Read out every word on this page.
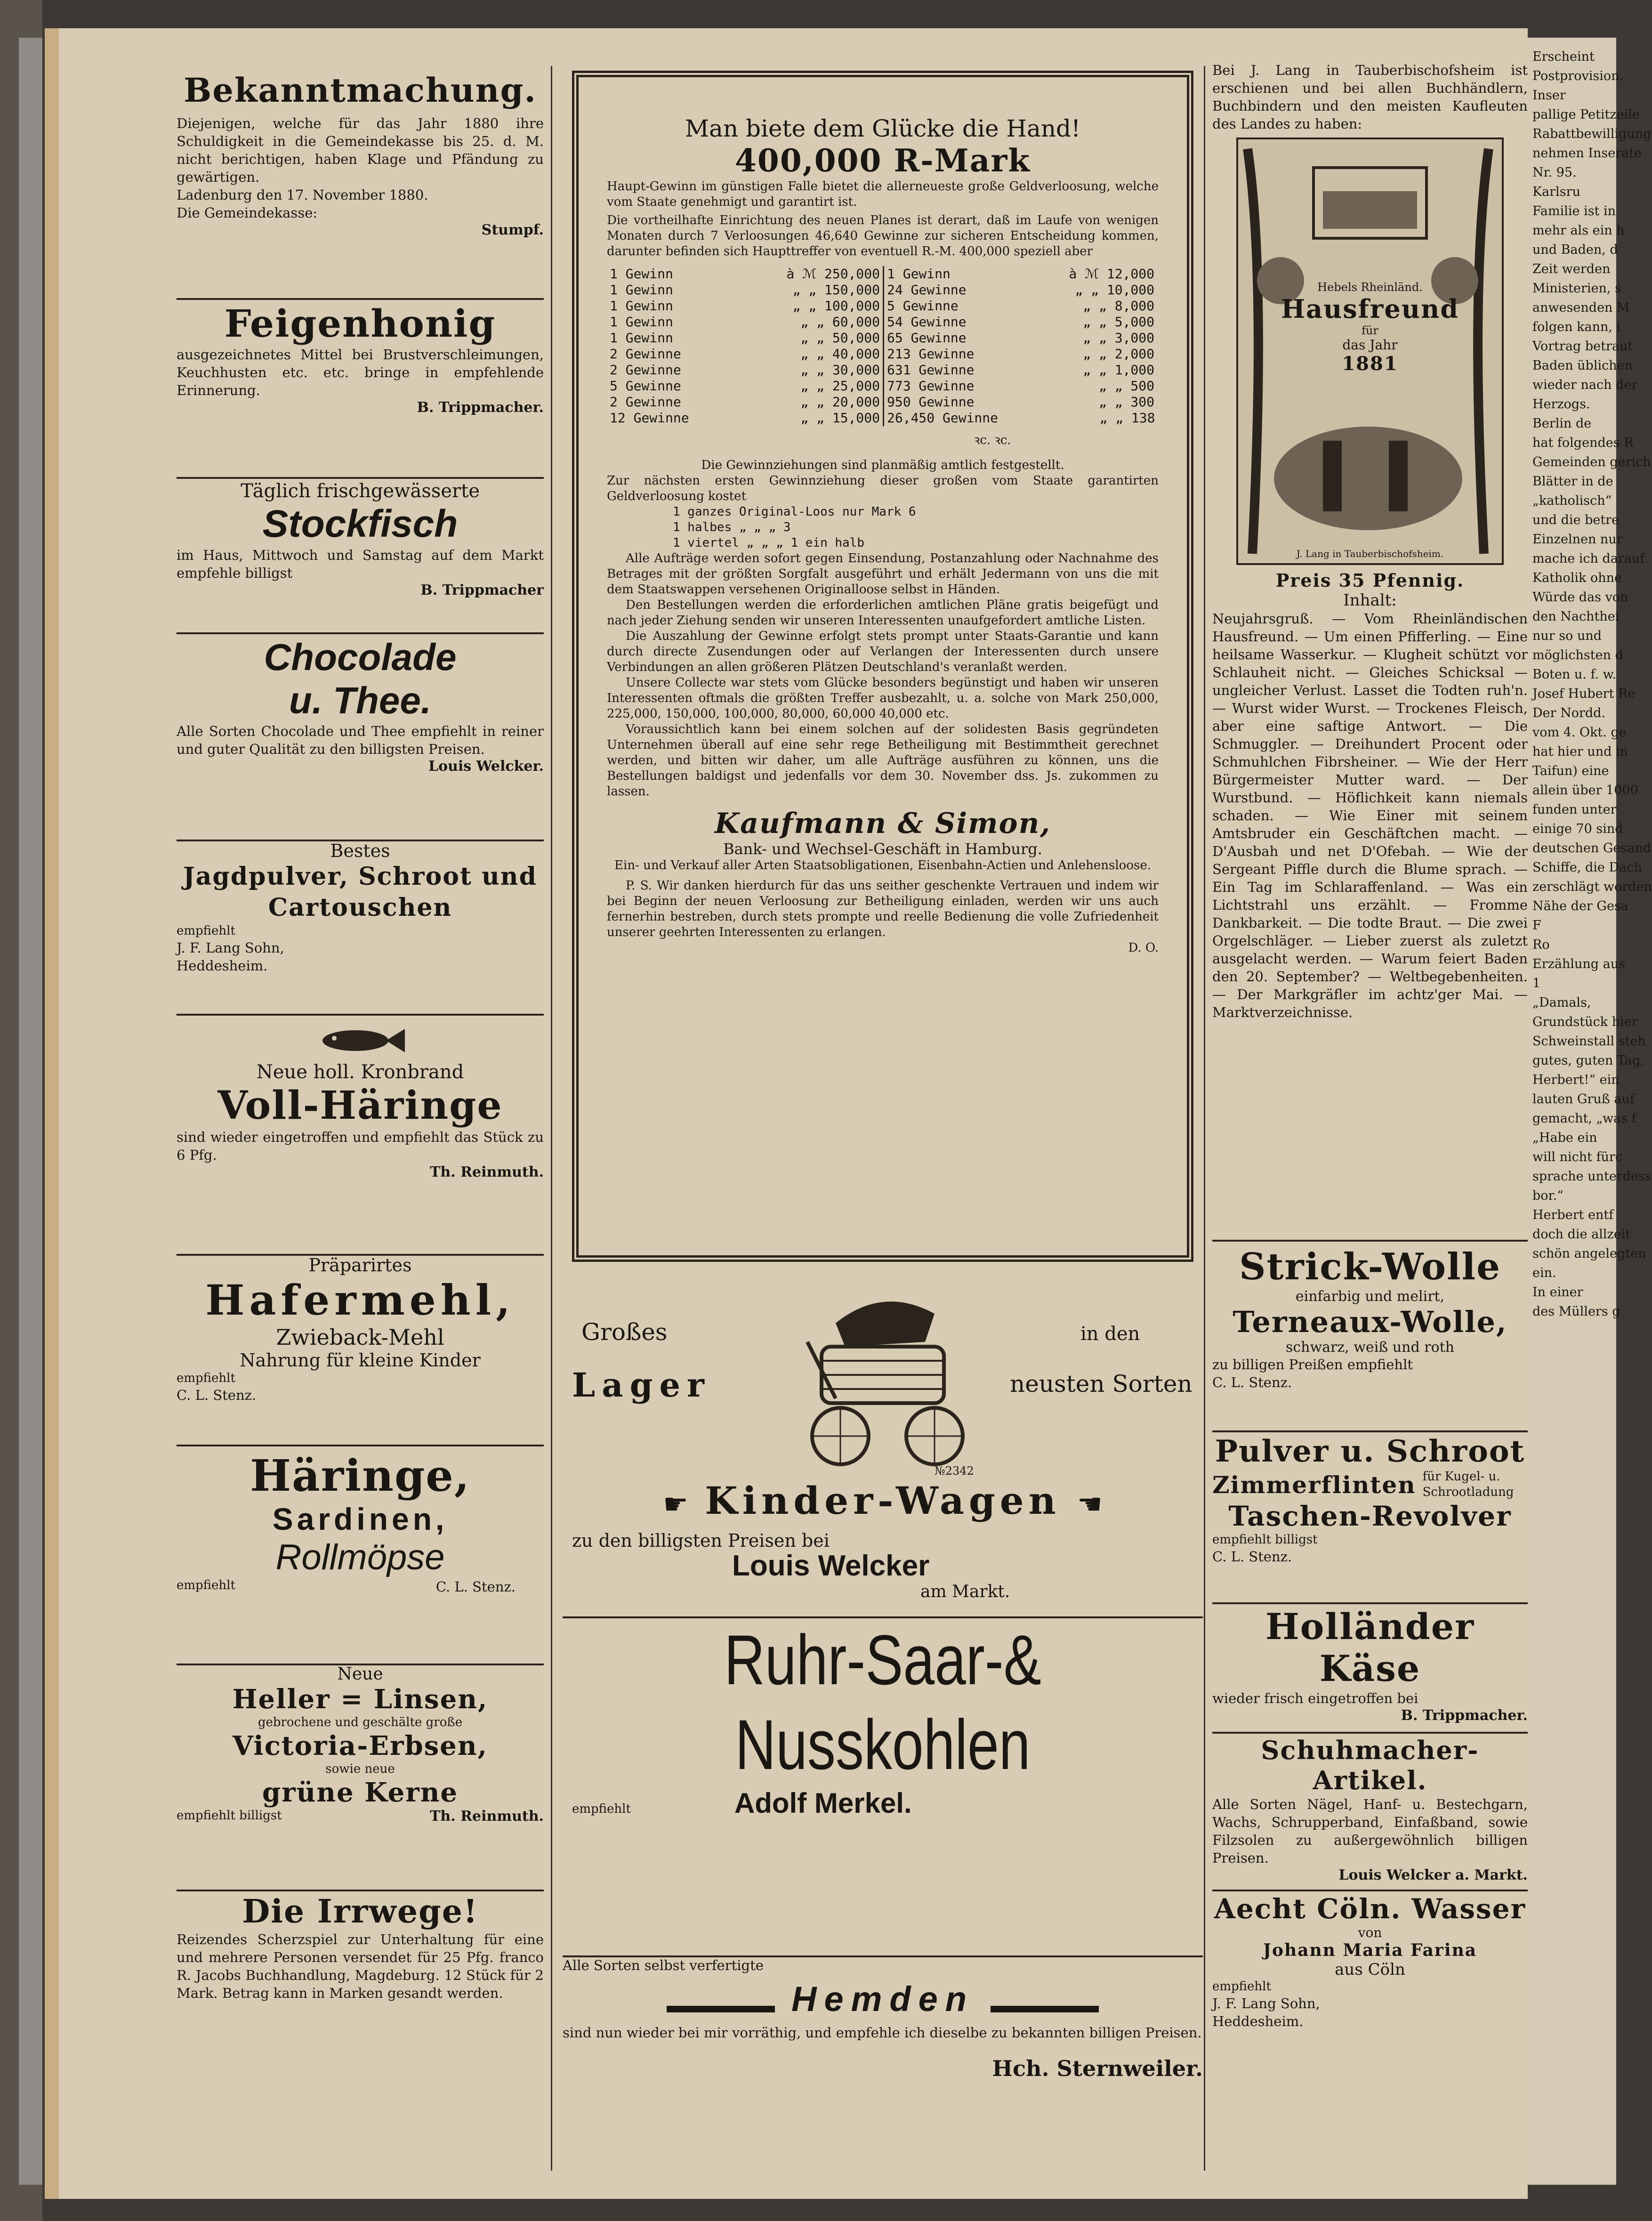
Bekanntmachung.
Diejenigen, welche für das Jahr 1880 ihre Schuldigkeit in die Gemeindekasse bis 25. d. M. nicht berichtigen, haben Klage und Pfändung zu gewärtigen.
Ladenburg den 17. November 1880.
Die Gemeindekasse:
Stumpf.
Feigenhonig
ausgezeichnetes Mittel bei Brustverschleimungen, Keuchhusten etc. etc. bringe in empfehlende Erinnerung.
B. Trippmacher.
Täglich frischgewässerte
Stockfisch
im Haus, Mittwoch und Samstag auf dem Markt empfehle billigst
B. Trippmacher
Chocolade
u. Thee.
Alle Sorten Chocolade und Thee empfiehlt in reiner und guter Qualität zu den billigsten Preisen.
Louis Welcker.
Bestes
Jagdpulver, Schroot und Cartouschen
empfiehlt
J. F. Lang Sohn,
Heddesheim.
Neue holl. Kronbrand
Voll-Häringe
sind wieder eingetroffen und empfiehlt das Stück zu 6 Pfg.
Th. Reinmuth.
Präparirtes
Hafermehl,
Zwieback-Mehl
Nahrung für kleine Kinder
empfiehlt
C. L. Stenz.
Häringe,
Sardinen,
Rollmöpse
empfiehlt	C. L. Stenz.
Neue
Heller = Linsen,
gebrochene und geschälte große
Victoria-Erbsen,
sowie neue
grüne Kerne
empfiehlt billigst	Th. Reinmuth.
Die Irrwege!
Reizendes Scherzspiel zur Unterhaltung für eine und mehrere Personen versendet für 25 Pfg. franco R. Jacobs Buchhandlung, Magdeburg. 12 Stück für 2 Mark. Betrag kann in Marken gesandt werden.
Man biete dem Glücke die Hand!
400,000 R-Mark
Haupt-Gewinn im günstigen Falle bietet die allerneueste große Geldverloosung, welche vom Staate genehmigt und garantirt ist.
Die vortheilhafte Einrichtung des neuen Planes ist derart, daß im Laufe von wenigen Monaten durch 7 Verloosungen 46,640 Gewinne zur sicheren Entscheidung kommen, darunter befinden sich Haupttreffer von eventuell R.-M. 400,000 speziell aber
1 Gewinn	à ℳ 250,000
1 Gewinn	„ „ 150,000
1 Gewinn	„ „ 100,000
1 Gewinn	„ „ 60,000
1 Gewinn	„ „ 50,000
2 Gewinne	„ „ 40,000
2 Gewinne	„ „ 30,000
5 Gewinne	„ „ 25,000
2 Gewinne	„ „ 20,000
12 Gewinne	„ „ 15,000
1 Gewinn	à ℳ 12,000
24 Gewinne	„ „ 10,000
5 Gewinne	„ „ 8,000
54 Gewinne	„ „ 5,000
65 Gewinne	„ „ 3,000
213 Gewinne	„ „ 2,000
631 Gewinne	„ „ 1,000
773 Gewinne	„ „ 500
950 Gewinne	„ „ 300
26,450 Gewinne	„ „ 138
ꝛc. ꝛc.
Die Gewinnziehungen sind planmäßig amtlich festgestellt.
Zur nächsten ersten Gewinnziehung dieser großen vom Staate garantirten Geldverloosung kostet
1 ganzes Original-Loos nur Mark 6
1 halbes „ „ „ 3
1 viertel „ „ „ 1 ein halb
Alle Aufträge werden sofort gegen Einsendung, Postanzahlung oder Nachnahme des Betrages mit der größten Sorgfalt ausgeführt und erhält Jedermann von uns die mit dem Staatswappen versehenen Originalloose selbst in Händen.
Den Bestellungen werden die erforderlichen amtlichen Pläne gratis beigefügt und nach jeder Ziehung senden wir unseren Interessenten unaufgefordert amtliche Listen.
Die Auszahlung der Gewinne erfolgt stets prompt unter Staats-Garantie und kann durch directe Zusendungen oder auf Verlangen der Interessenten durch unsere Verbindungen an allen größeren Plätzen Deutschland's veranlaßt werden.
Unsere Collecte war stets vom Glücke besonders begünstigt und haben wir unseren Interessenten oftmals die größten Treffer ausbezahlt, u. a. solche von Mark 250,000, 225,000, 150,000, 100,000, 80,000, 60,000 40,000 etc.
Voraussichtlich kann bei einem solchen auf der solidesten Basis gegründeten Unternehmen überall auf eine sehr rege Betheiligung mit Bestimmtheit gerechnet werden, und bitten wir daher, um alle Aufträge ausführen zu können, uns die Bestellungen baldigst und jedenfalls vor dem 30. November dss. Js. zukommen zu lassen.
Kaufmann & Simon,
Bank- und Wechsel-Geschäft in Hamburg.
Ein- und Verkauf aller Arten Staatsobligationen, Eisenbahn-Actien und Anlehensloose.
P. S. Wir danken hierdurch für das uns seither geschenkte Vertrauen und indem wir bei Beginn der neuen Verloosung zur Betheiligung einladen, werden wir uns auch fernerhin bestreben, durch stets prompte und reelle Bedienung die volle Zufriedenheit unserer geehrten Interessenten zu erlangen.
D. O.
Großes	in den
Lager	neusten Sorten
№2342
☛ Kinder-Wagen ☛
zu den billigsten Preisen bei
Louis Welcker
am Markt.
Ruhr-Saar-&
Nusskohlen
empfiehlt	Adolf Merkel.
Alle Sorten selbst verfertigte
Hemden
sind nun wieder bei mir vorräthig, und empfehle ich dieselbe zu bekannten billigen Preisen.
Hch. Sternweiler.
Bei J. Lang in Tauberbischofsheim ist erschienen und bei allen Buchhändlern, Buchbindern und den meisten Kaufleuten des Landes zu haben:
Hebels Rheinländ.
Hausfreund
für
das Jahr
1881
J. Lang in Tauberbischofsheim.
Preis 35 Pfennig.
Inhalt:
Neujahrsgruß. — Vom Rheinländischen Hausfreund. — Um einen Pfifferling. — Eine heilsame Wasserkur. — Klugheit schützt vor Schlauheit nicht. — Gleiches Schicksal — ungleicher Verlust. Lasset die Todten ruh'n. — Wurst wider Wurst. — Trockenes Fleisch, aber eine saftige Antwort. — Die Schmuggler. — Dreihundert Procent oder Schmuhlchen Fibrsheiner. — Wie der Herr Bürgermeister Mutter ward. — Der Wurstbund. — Höflichkeit kann niemals schaden. — Wie Einer mit seinem Amtsbruder ein Geschäftchen macht. — D'Ausbah und net D'Ofebah. — Wie der Sergeant Piffle durch die Blume sprach. — Ein Tag im Schlaraffenland. — Was ein Lichtstrahl uns erzählt. — Fromme Dankbarkeit. — Die todte Braut. — Die zwei Orgelschläger. — Lieber zuerst als zuletzt ausgelacht werden. — Warum feiert Baden den 20. September? — Weltbegebenheiten. — Der Markgräfler im achtz'ger Mai. — Marktverzeichnisse.
Strick-Wolle
einfarbig und melirt,
Terneaux-Wolle,
schwarz, weiß und roth
zu billigen Preißen empfiehlt
C. L. Stenz.
Pulver u. Schroot
Zimmerflinten für Kugel- u. Schrootladung
Taschen-Revolver
empfiehlt billigst
C. L. Stenz.
Holländer Käse
wieder frisch eingetroffen bei
B. Trippmacher.
Schuhmacher-Artikel.
Alle Sorten Nägel, Hanf- u. Bestechgarn, Wachs, Schrupperband, Einfaßband, sowie Filzsolen zu außergewöhnlich billigen Preisen.
Louis Welcker a. Markt.
Aecht Cöln. Wasser
von
Johann Maria Farina
aus Cöln
empfiehlt
J. F. Lang Sohn,
Heddesheim.
Erscheint
Postprovision.
Inser
pallige Petitzeile
Rabattbewilligung
nehmen Inserate
Nr. 95.
Karlsru
Familie ist in
mehr als ein h
und Baden, d
Zeit werden
Ministerien, s
anwesenden M
folgen kann, i
Vortrag betraut
Baden üblichen
wieder nach der
Herzogs.
Berlin de
hat folgendes R
Gemeinden gerich
Blätter in de
„katholisch“
und die betre
Einzelnen nur
mache ich darauf
Katholik ohne
Würde das von
den Nachthei
nur so und
möglichsten d
Boten u. f. w.
Josef Hubert Re
Der Nordd.
vom 4. Okt. ge
hat hier und in
Taifun) eine
allein über 1000
funden unter
einige 70 sind
deutschen Gesand
Schiffe, die Dach
zerschlägt worden
Nähe der Gesa
F
Ro
Erzählung aus
1
„Damals,
Grundstück hier
Schweinstall steh
gutes, guten Tag,
Herbert!“ ein
lauten Gruß auf
gemacht, „was f
„Habe ein
will nicht fürc
sprache unterdess
bor.“
Herbert entf
doch die allzeit
schön angelegten
ein.
In einer
des Müllers g
